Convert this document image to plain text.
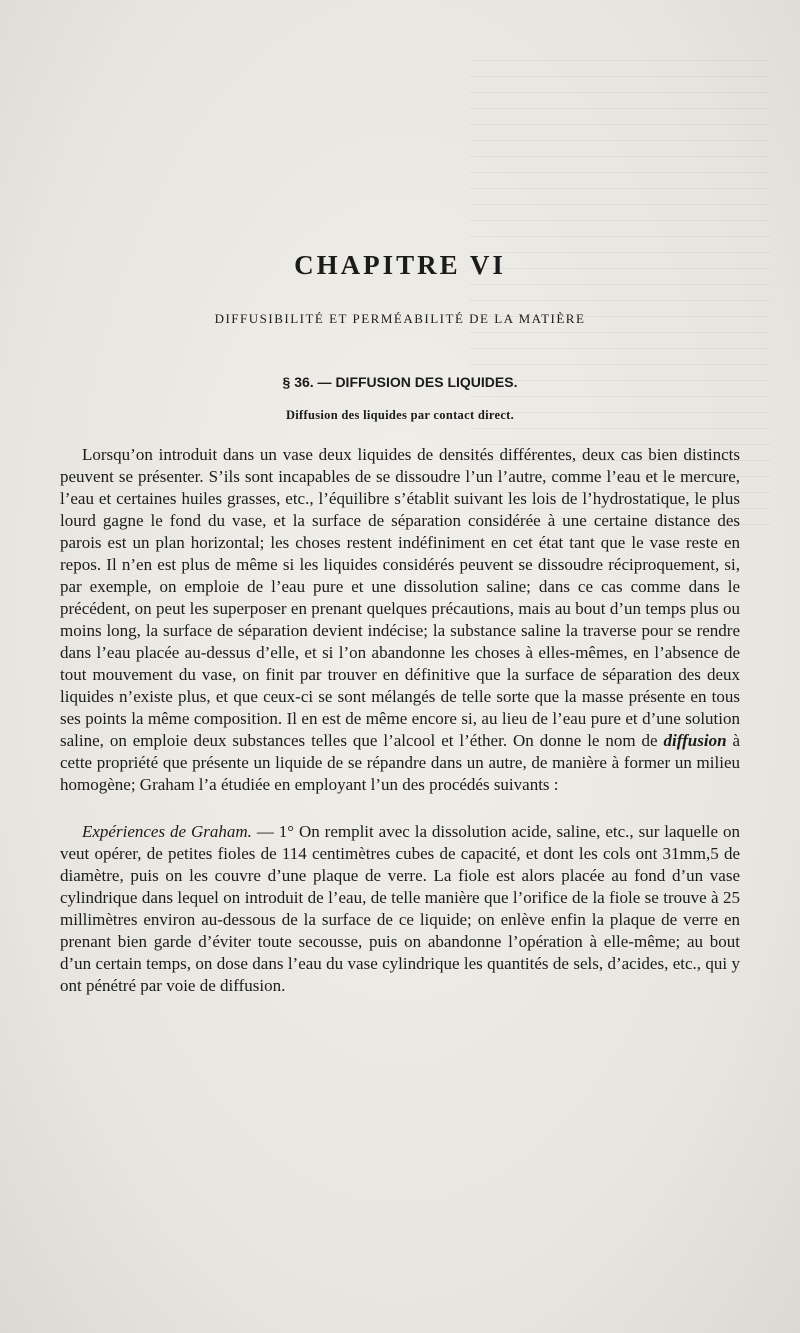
CHAPITRE VI

DIFFUSIBILITÉ ET PERMÉABILITÉ DE LA MATIÈRE

§ 36. — DIFFUSION DES LIQUIDES.

Diffusion des liquides par contact direct.

Lorsqu’on introduit dans un vase deux liquides de densités différentes, deux cas bien distincts peuvent se présenter. S’ils sont incapables de se dissoudre l’un l’autre, comme l’eau et le mercure, l’eau et certaines huiles grasses, etc., l’équilibre s’établit suivant les lois de l’hydrostatique, le plus lourd gagne le fond du vase, et la surface de séparation considérée à une certaine distance des parois est un plan horizontal; les choses restent indéfiniment en cet état tant que le vase reste en repos. Il n’en est plus de même si les liquides considérés peuvent se dissoudre réciproquement, si, par exemple, on emploie de l’eau pure et une dissolution saline; dans ce cas comme dans le précédent, on peut les superposer en prenant quelques précautions, mais au bout d’un temps plus ou moins long, la surface de séparation devient indécise; la substance saline la traverse pour se rendre dans l’eau placée au-dessus d’elle, et si l’on abandonne les choses à elles-mêmes, en l’absence de tout mouvement du vase, on finit par trouver en définitive que la surface de séparation des deux liquides n’existe plus, et que ceux-ci se sont mélangés de telle sorte que la masse présente en tous ses points la même composition. Il en est de même encore si, au lieu de l’eau pure et d’une solution saline, on emploie deux substances telles que l’alcool et l’éther. On donne le nom de diffusion à cette propriété que présente un liquide de se répandre dans un autre, de manière à former un milieu homogène; Graham l’a étudiée en employant l’un des procédés suivants :

Expériences de Graham. — 1° On remplit avec la dissolution acide, saline, etc., sur laquelle on veut opérer, de petites fioles de 114 centimètres cubes de capacité, et dont les cols ont 31mm,5 de diamètre, puis on les couvre d’une plaque de verre. La fiole est alors placée au fond d’un vase cylindrique dans lequel on introduit de l’eau, de telle manière que l’orifice de la fiole se trouve à 25 millimètres environ au-dessous de la surface de ce liquide; on enlève enfin la plaque de verre en prenant bien garde d’éviter toute secousse, puis on abandonne l’opération à elle-même; au bout d’un certain temps, on dose dans l’eau du vase cylindrique les quantités de sels, d’acides, etc., qui y ont pénétré par voie de diffusion.
